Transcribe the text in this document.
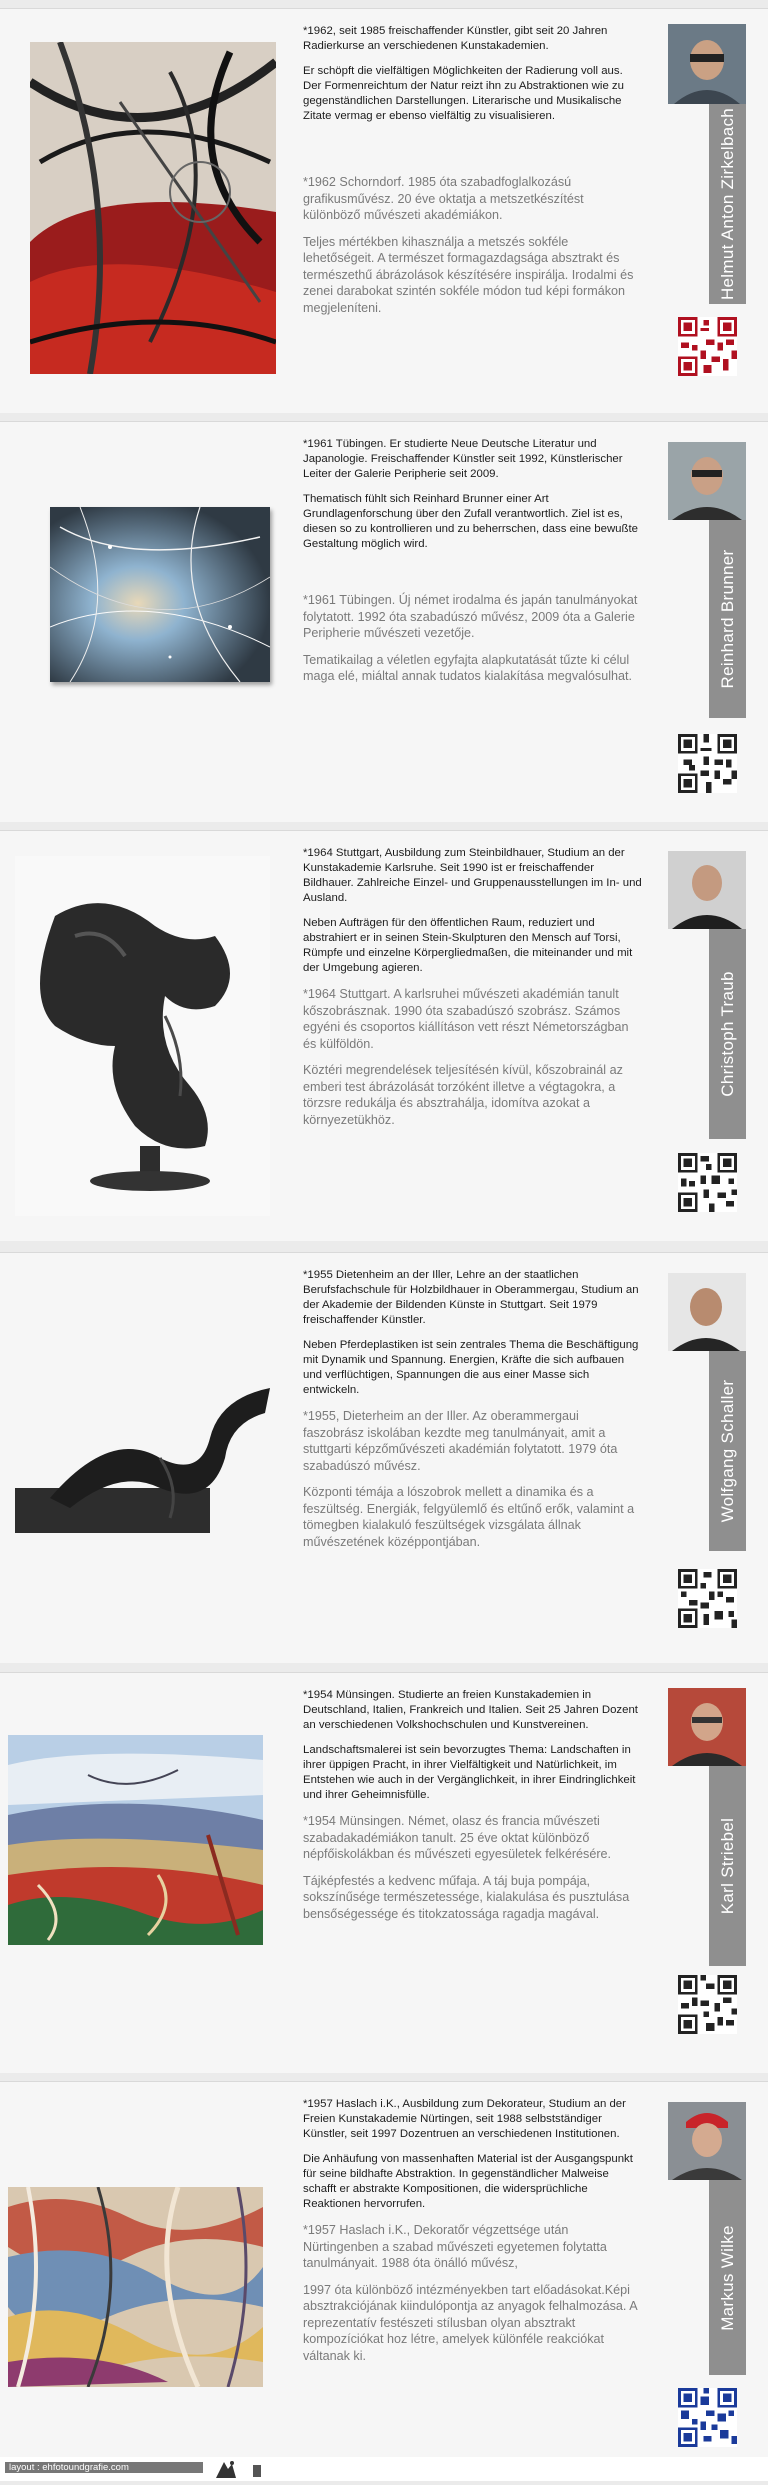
*1962, seit 1985 freischaffender Künstler, gibt seit 20 Jahren Radierkurse an verschiedenen Kunstakademien.

Er schöpft die vielfältigen Möglichkeiten der Radierung voll aus. Der Formenreichtum der Natur reizt ihn zu Abstraktionen wie zu gegenständlichen Darstellungen. Literarische und Musikalische Zitate vermag er ebenso vielfältig zu visualisieren.

*1962 Schorndorf. 1985 óta szabadfoglalkozású grafikusművész. 20 éve oktatja a metszetkészítést különböző művészeti akadémiákon.

Teljes mértékben kihasználja a metszés sokféle lehetőségeit. A természet formagazdagsága absztrakt és természethű ábrázolások készítésére inspirálja. Irodalmi és zenei darabokat szintén sokféle módon tud képi formákon megjeleníteni.

Helmut Anton Zirkelbach

*1961 Tübingen. Er studierte Neue Deutsche Literatur und Japanologie. Freischaffender Künstler seit 1992, Künstlerischer Leiter der Galerie Peripherie seit 2009.

Thematisch fühlt sich Reinhard Brunner einer Art Grundlagenforschung über den Zufall verantwortlich. Ziel ist es, diesen so zu kontrollieren und zu beherrschen, dass eine bewußte Gestaltung möglich wird.

*1961 Tübingen. Új német irodalmа és japán tanulmányokat folytatott. 1992 óta szabadúszó művész, 2009 óta a Galerie Peripherie művészeti vezetője.

Tematikailag a véletlen egyfajta alapkutatását tűzte ki célul maga elé, miáltal annak tudatos kialakítása megvalósulhat.	Reinhard Brunner

*1964 Stuttgart, Ausbildung zum Steinbildhauer, Studium an der Kunstakademie Karlsruhe. Seit 1990 ist er freischaffender Bildhauer. Zahlreiche Einzel- und Gruppenausstellungen im In- und Ausland.

Neben Aufträgen für den öffentlichen Raum, reduziert und abstrahiert er in seinen Stein-Skulpturen den Mensch auf Torsi, Rümpfe und einzelne Körpergliedmaßen, die miteinander und mit der Umgebung agieren.

*1964 Stuttgart. A karlsruhei művészeti akadémián tanult kőszobrásznak. 1990 óta szabadúszó szobrász. Számos egyéni és csoportos kiállításon vett részt Németországban és külföldön.

Köztéri megrendelések teljesítésén kívül, kőszobrainál az emberi test ábrázolását torzóként illetve a végtagokra, a törzsre redukálja és absztrahálja, idomítva azokat a környezetükhöz.

Christoph Traub

*1955 Dietenheim an der Iller, Lehre an der staatlichen Berufsfachschule für Holzbildhauer in Oberammergau, Studium an der Akademie der Bildenden Künste in Stuttgart. Seit 1979 freischaffender Künstler.

Neben Pferdeplastiken ist sein zentrales Thema die Beschäftigung mit Dynamik und Spannung. Energien, Kräfte die sich aufbauen und verflüchtigen, Spannungen die aus einer Masse sich entwickeln.

*1955, Dieterheim an der Iller. Az oberammergaui faszobrász iskolában kezdte meg tanulmányait, amit a stuttgarti képzőművészeti akadémián folytatott. 1979 óta szabadúszó művész.

Központi témája a lószobrok mellett a dinamika és a feszültség. Energiák, felgyülemlő és eltűnő erők, valamint a tömegben kialakuló feszültségek vizsgálata állnak művészetének középpontjában.

Wolfgang Schaller

*1954 Münsingen. Studierte an freien Kunstakademien in Deutschland, Italien, Frankreich und Italien. Seit 25 Jahren Dozent an verschiedenen Volkshochschulen und Kunstvereinen.

Landschaftsmalerei ist sein bevorzugtes Thema: Landschaften in ihrer üppigen Pracht, in ihrer Vielfältigkeit und Natürlichkeit, im Entstehen wie auch in der Vergänglichkeit, in ihrer Eindringlichkeit und ihrer Geheimnisfülle.

*1954 Münsingen. Német, olasz és francia művészeti szabadakadémiákon tanult. 25 éve oktat különböző népfőiskolákban és művészeti egyesületek felkérésére.

Tájképfestés a kedvenc műfaja. A táj buja pompája, sokszínűsége természetessége, kialakulása és pusztulása bensőségessége és titokzatossága ragadja magával.	Karl Striebel

*1957 Haslach i.K., Ausbildung zum Dekorateur, Studium an der Freien Kunstakademie Nürtingen, seit 1988 selbstständiger Künstler, seit 1997 Dozentruen an verschiedenen Institutionen.

Die Anhäufung von massenhaften Material ist der Ausgangspunkt für seine bildhafte Abstraktion. In gegenständlicher Malweise schafft er abstrakte Kompositionen, die widersprüchliche Reaktionen hervorrufen.

*1957 Haslach i.K., Dekoratőr végzettsége után Nürtingenben a szabad művészeti egyetemen folytatta tanulmányait. 1988 óta önálló művész,

1997 óta különböző intézményekben tart előadásokat.Képi absztrakciójának kiindulópontja az anyagok felhalmozása. A reprezentatív festészeti stílusban olyan absztrakt kompozíciókat hoz létre, amelyek különféle reakciókat váltanak ki.

Markus Wilke
layout : ehfotoundgrafie.com
